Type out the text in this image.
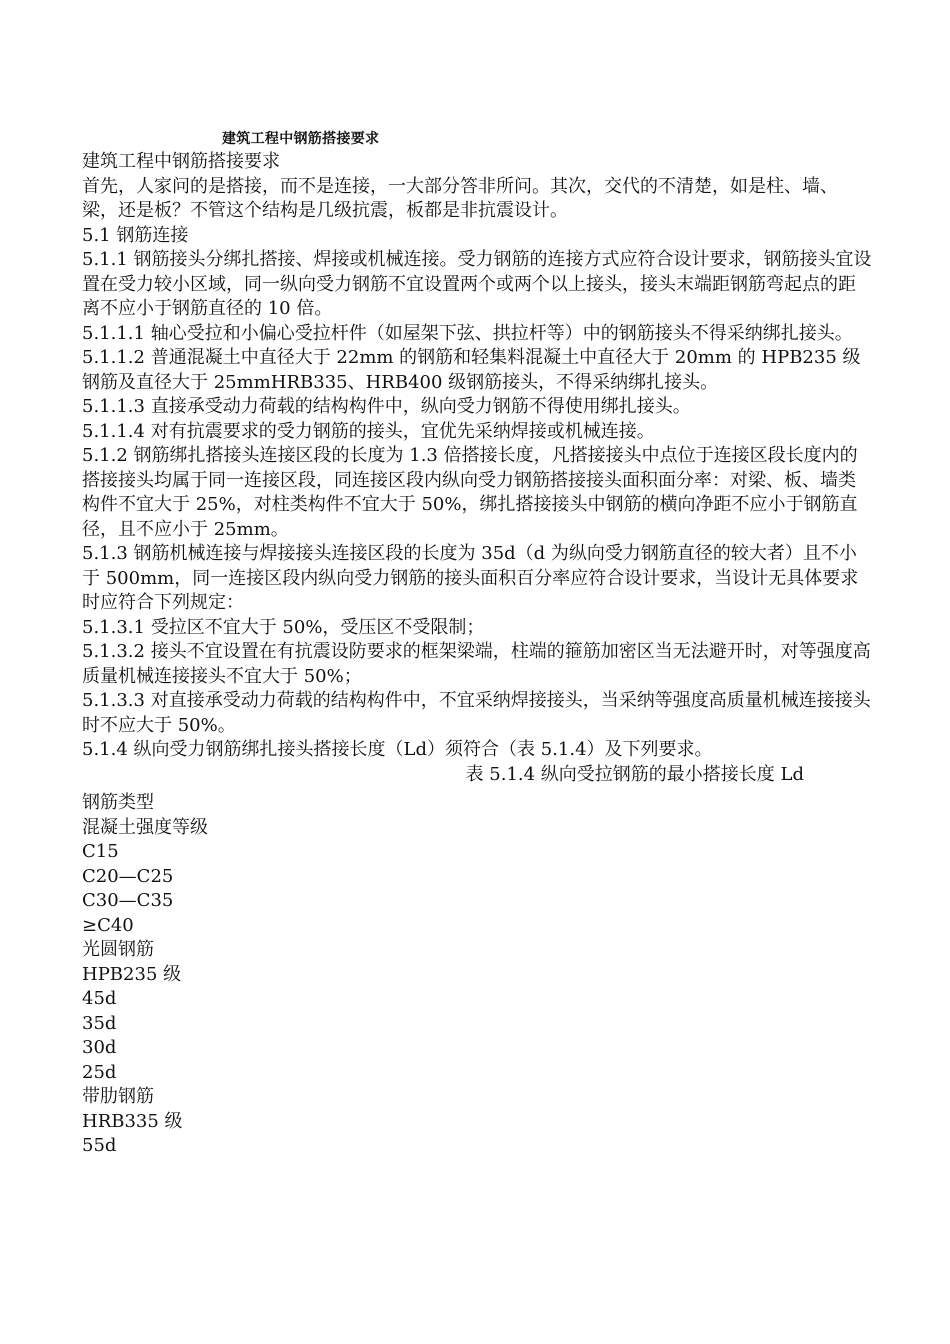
建筑工程中钢筋搭接要求

建筑工程中钢筋搭接要求

首先，人家问的是搭接，而不是连接，一大部分答非所问。其次，交代的不清楚，如是柱、墙、梁，还是板？不管这个结构是几级抗震，板都是非抗震设计。

5.1 钢筋连接

5.1.1 钢筋接头分绑扎搭接、焊接或机械连接。受力钢筋的连接方式应符合设计要求，钢筋接头宜设置在受力较小区域，同一纵向受力钢筋不宜设置两个或两个以上接头，接头末端距钢筋弯起点的距离不应小于钢筋直径的 10 倍。

5.1.1.1 轴心受拉和小偏心受拉杆件（如屋架下弦、拱拉杆等）中的钢筋接头不得采纳绑扎接头。

5.1.1.2 普通混凝土中直径大于 22mm 的钢筋和轻集料混凝土中直径大于 20mm 的 HPB235 级钢筋及直径大于 25mmHRB335、HRB400 级钢筋接头，不得采纳绑扎接头。

5.1.1.3 直接承受动力荷载的结构构件中，纵向受力钢筋不得使用绑扎接头。

5.1.1.4 对有抗震要求的受力钢筋的接头，宜优先采纳焊接或机械连接。

5.1.2 钢筋绑扎搭接头连接区段的长度为 1.3 倍搭接长度，凡搭接接头中点位于连接区段长度内的搭接接头均属于同一连接区段，同连接区段内纵向受力钢筋搭接接头面积面分率：对梁、板、墙类构件不宜大于 25%，对柱类构件不宜大于 50%，绑扎搭接接头中钢筋的横向净距不应小于钢筋直径，且不应小于 25mm。

5.1.3 钢筋机械连接与焊接接头连接区段的长度为 35d（d 为纵向受力钢筋直径的较大者）且不小于 500mm，同一连接区段内纵向受力钢筋的接头面积百分率应符合设计要求，当设计无具体要求时应符合下列规定：

5.1.3.1 受拉区不宜大于 50%，受压区不受限制；

5.1.3.2 接头不宜设置在有抗震设防要求的框架梁端，柱端的箍筋加密区当无法避开时，对等强度高质量机械连接接头不宜大于 50%；

5.1.3.3 对直接承受动力荷载的结构构件中，不宜采纳焊接接头，当采纳等强度高质量机械连接接头时不应大于 50%。

5.1.4 纵向受力钢筋绑扎接头搭接长度（Ld）须符合（表 5.1.4）及下列要求。

表 5.1.4 纵向受拉钢筋的最小搭接长度 Ld

钢筋类型

混凝土强度等级

C15

C20—C25

C30—C35

≥C40

光圆钢筋

HPB235 级

45d

35d

30d

25d

带肋钢筋

HRB335 级

55d
